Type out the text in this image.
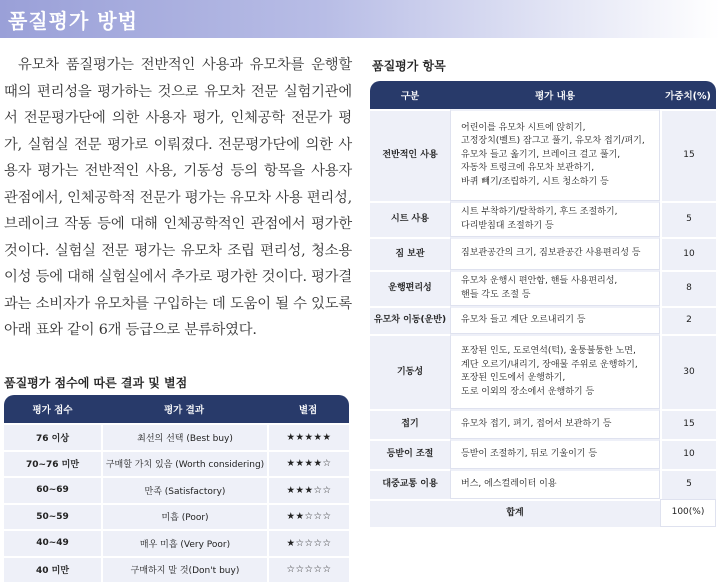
품질평가 방법

유모차 품질평가는 전반적인 사용과 유모차를 운행할 때의 편리성을 평가하는 것으로 유모차 전문 실험기관에서 전문평가단에 의한 사용자 평가, 인체공학 전문가 평가, 실험실 전문 평가로 이뤄졌다. 전문평가단에 의한 사용자 평가는 전반적인 사용, 기동성 등의 항목을 사용자 관점에서, 인체공학적 전문가 평가는 유모차 사용 편리성, 브레이크 작동 등에 대해 인체공학적인 관점에서 평가한 것이다. 실험실 전문 평가는 유모차 조립 편리성, 청소용이성 등에 대해 실험실에서 추가로 평가한 것이다. 평가결과는 소비자가 유모차를 구입하는 데 도움이 될 수 있도록 아래 표와 같이 6개 등급으로 분류하였다.

품질평가 점수에 따른 결과 및 별점
평가 점수	평가 결과	별점
76 이상	최선의 선택 (Best buy)	★★★★★
70~76 미만	구매할 가치 있음 (Worth considering)	★★★★☆
60~69	만족 (Satisfactory)	★★★☆☆
50~59	미흡 (Poor)	★★☆☆☆
40~49	매우 미흡 (Very Poor)	★☆☆☆☆
40 미만	구매하지 말 것(Don't buy)	☆☆☆☆☆
품질평가 항목
구분	평가 내용	가중치(%)
전반적인 사용	어린이를 유모차 시트에 앉히기,
고정장치(벨트) 잠그고 풀기, 유모차 접기/펴기,
유모차 들고 옮기기, 브레이크 걸고 풀기,
자동차 트렁크에 유모차 보관하기,
바퀴 빼기/조립하기, 시트 청소하기 등	15
시트 사용	시트 부착하기/탈착하기, 후드 조절하기,
다리받침대 조절하기 등	5
짐 보관	짐보관공간의 크기, 짐보관공간 사용편리성 등	10
운행편리성	유모차 운행시 편안함, 핸들 사용편리성,
핸들 각도 조절 등	8
유모차 이동(운반)	유모차 들고 계단 오르내리기 등	2
기동성	포장된 인도, 도로연석(턱), 울퉁불퉁한 노면,
계단 오르기/내리기, 장애물 주위로 운행하기,
포장된 인도에서 운행하기,
도로 이외의 장소에서 운행하기 등	30
접기	유모차 접기, 펴기, 접어서 보관하기 등	15
등받이 조절	등받이 조절하기, 뒤로 기울이기 등	10
대중교통 이용	버스, 에스컬레이터 이용	5
합계		100(%)
